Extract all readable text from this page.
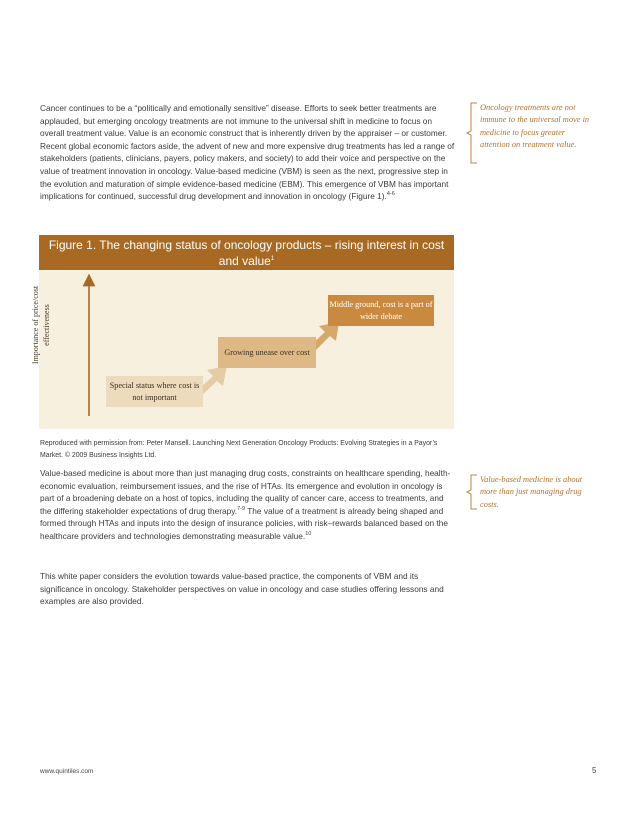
Cancer continues to be a “politically and emotionally sensitive” disease. Efforts to seek better treatments are applauded, but emerging oncology treatments are not immune to the universal shift in medicine to focus on overall treatment value. Value is an economic construct that is inherently driven by the appraiser – or customer. Recent global economic factors aside, the advent of new and more expensive drug treatments has led a range of stakeholders (patients, clinicians, payers, policy makers, and society) to add their voice and perspective on the value of treatment innovation in oncology. Value-based medicine (VBM) is seen as the next, progressive step in the evolution and maturation of simple evidence-based medicine (EBM). This emergence of VBM has important implications for continued, successful drug development and innovation in oncology (Figure 1).$^{4-6}$

Oncology treatments are not immune to the universal move in medicine to focus greater attention on treatment value.
Figure 1. The changing status of oncology products – rising interest in cost and value$^1$
Importance of price/cost effectiveness
Special status where cost is not important
Growing unease over cost
Middle ground, cost is a part of wider debate

Reproduced with permission from: Peter Mansell. Launching Next Generation Oncology Products: Evolving Strategies in a Payor’s Market. © 2009 Business Insights Ltd.

Value-based medicine is about more than just managing drug costs, constraints on healthcare spending, health-economic evaluation, reimbursement issues, and the rise of HTAs. Its emergence and evolution in oncology is part of a broadening debate on a host of topics, including the quality of cancer care, access to treatments, and the differing stakeholder expectations of drug therapy.$^{7-9}$ The value of a treatment is already being shaped and formed through HTAs and inputs into the design of insurance policies, with risk–rewards balanced based on the healthcare providers and technologies demonstrating measurable value.$^{10}$

Value-based medicine is about more than just managing drug costs.

This white paper considers the evolution towards value-based practice, the components of VBM and its significance in oncology. Stakeholder perspectives on value in oncology and case studies offering lessons and examples are also provided.

www.quintiles.com	5
